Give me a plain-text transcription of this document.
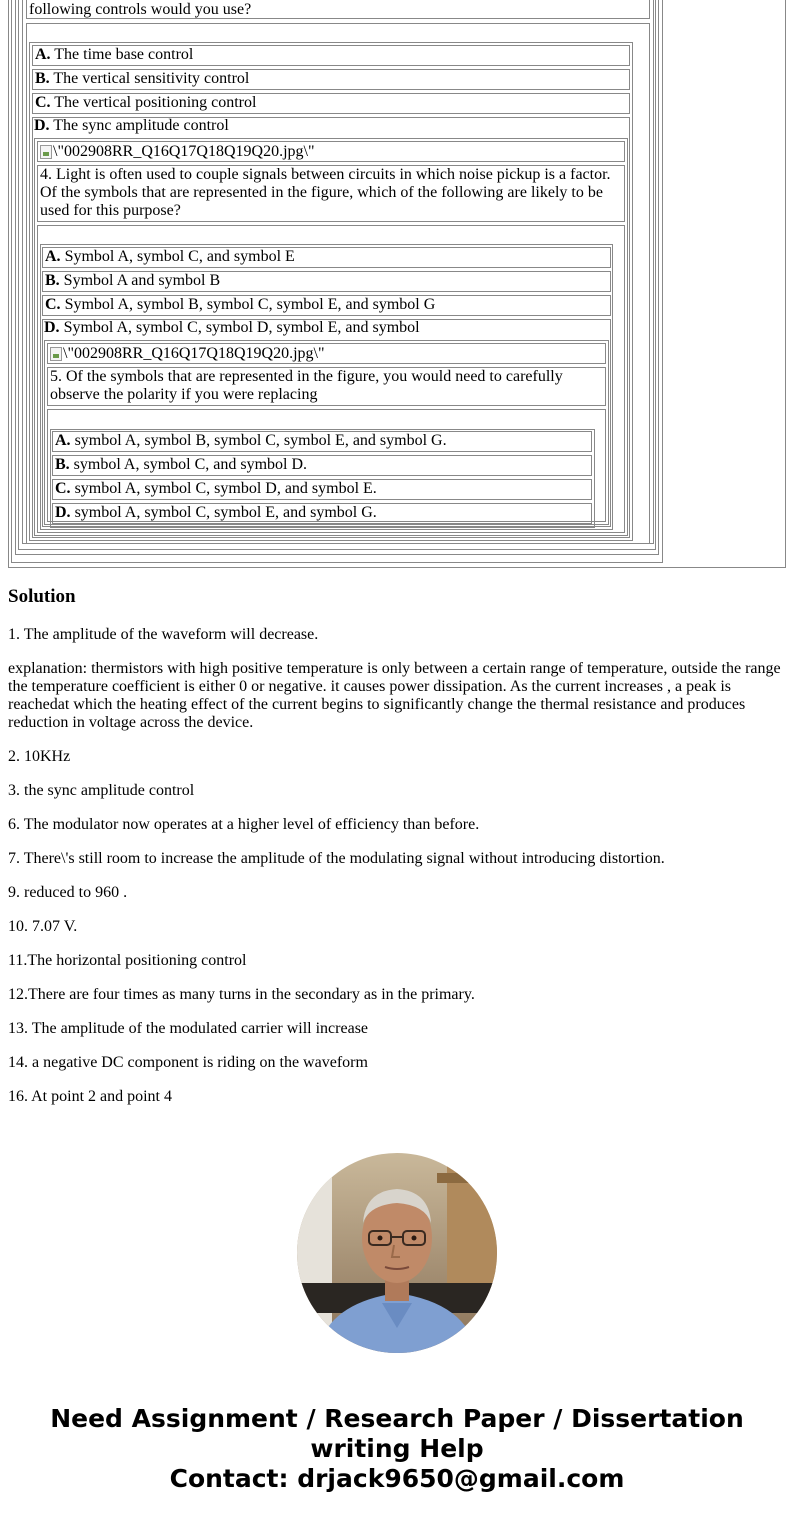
following controls would you use?
A. The time base control
B. The vertical sensitivity control
C. The vertical positioning control
D. The sync amplitude control
\"002908RR_Q16Q17Q18Q19Q20.jpg\"
4. Light is often used to couple signals between circuits in which noise pickup is a factor. Of the symbols that are represented in the figure, which of the following are likely to be used for this purpose?
A. Symbol A, symbol C, and symbol E
B. Symbol A and symbol B
C. Symbol A, symbol B, symbol C, symbol E, and symbol G
D. Symbol A, symbol C, symbol D, symbol E, and symbol
\"002908RR_Q16Q17Q18Q19Q20.jpg\"
5. Of the symbols that are represented in the figure, you would need to carefully observe the polarity if you were replacing
A. symbol A, symbol B, symbol C, symbol E, and symbol G.
B. symbol A, symbol C, and symbol D.
C. symbol A, symbol C, symbol D, and symbol E.
D. symbol A, symbol C, symbol E, and symbol G.
Solution

1. The amplitude of the waveform will decrease.

explanation: thermistors with high positive temperature is only between a certain range of temperature, outside the range the temperature coefficient is either 0 or negative. it causes power dissipation. As the current increases , a peak is reachedat which the heating effect of the current begins to significantly change the thermal resistance and produces reduction in voltage across the device.

2. 10KHz

3. the sync amplitude control

6. The modulator now operates at a higher level of efficiency than before.

7. There\'s still room to increase the amplitude of the modulating signal without introducing distortion.

9. reduced to 960 .

10. 7.07 V.

11.The horizontal positioning control

12.There are four times as many turns in the secondary as in the primary.

13. The amplitude of the modulated carrier will increase

14. a negative DC component is riding on the waveform

16. At point 2 and point 4

Need Assignment / Research Paper / Dissertation
writing Help
Contact: drjack9650@gmail.com
